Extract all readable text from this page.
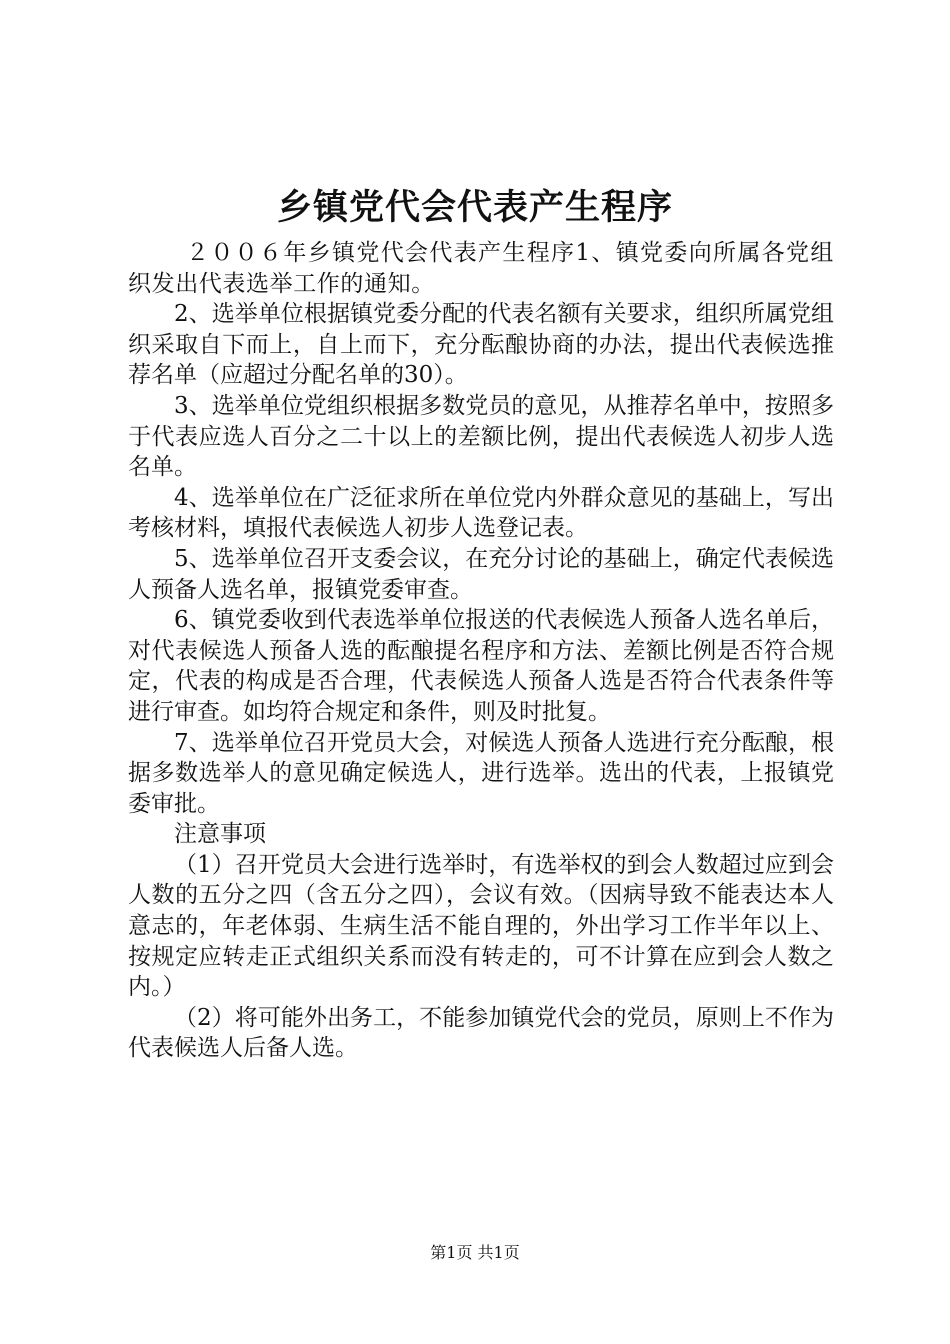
乡镇党代会代表产生程序

２００６年乡镇党代会代表产生程序1、镇党委向所属各党组织发出代表选举工作的通知。

2、选举单位根据镇党委分配的代表名额有关要求，组织所属党组织采取自下而上，自上而下，充分酝酿协商的办法，提出代表候选推荐名单（应超过分配名单的30）。

3、选举单位党组织根据多数党员的意见，从推荐名单中，按照多于代表应选人百分之二十以上的差额比例，提出代表候选人初步人选名单。

4、选举单位在广泛征求所在单位党内外群众意见的基础上，写出考核材料，填报代表候选人初步人选登记表。

5、选举单位召开支委会议，在充分讨论的基础上，确定代表候选人预备人选名单，报镇党委审查。

6、镇党委收到代表选举单位报送的代表候选人预备人选名单后，对代表候选人预备人选的酝酿提名程序和方法、差额比例是否符合规定，代表的构成是否合理，代表候选人预备人选是否符合代表条件等进行审查。如均符合规定和条件，则及时批复。

7、选举单位召开党员大会，对候选人预备人选进行充分酝酿，根据多数选举人的意见确定候选人，进行选举。选出的代表，上报镇党委审批。

注意事项

（1）召开党员大会进行选举时，有选举权的到会人数超过应到会人数的五分之四（含五分之四），会议有效。（因病导致不能表达本人意志的，年老体弱、生病生活不能自理的，外出学习工作半年以上、按规定应转走正式组织关系而没有转走的，可不计算在应到会人数之内。）

（2）将可能外出务工，不能参加镇党代会的党员，原则上不作为代表候选人后备人选。

第1页 共1页
